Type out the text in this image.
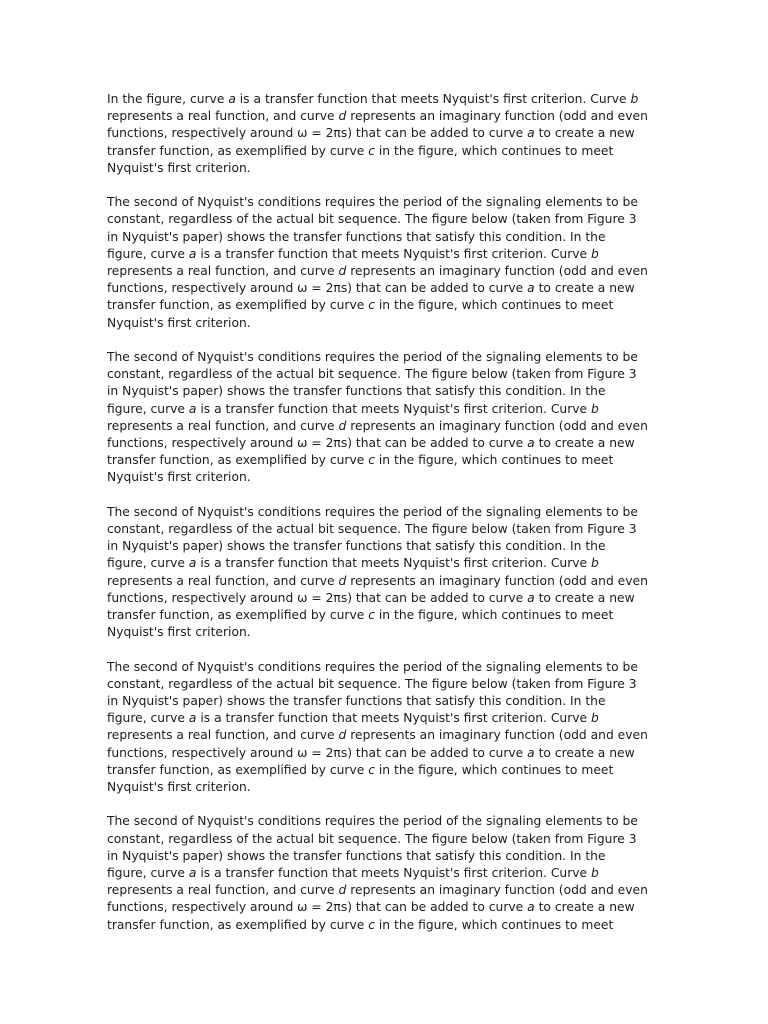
In the figure, curve a is a transfer function that meets Nyquist's first criterion. Curve b
represents a real function, and curve d represents an imaginary function (odd and even
functions, respectively around ω = 2πs) that can be added to curve a to create a new
transfer function, as exemplified by curve c in the figure, which continues to meet
Nyquist's first criterion.
The second of Nyquist's conditions requires the period of the signaling elements to be
constant, regardless of the actual bit sequence. The figure below (taken from Figure 3
in Nyquist's paper) shows the transfer functions that satisfy this condition. In the
figure, curve a is a transfer function that meets Nyquist's first criterion. Curve b
represents a real function, and curve d represents an imaginary function (odd and even
functions, respectively around ω = 2πs) that can be added to curve a to create a new
transfer function, as exemplified by curve c in the figure, which continues to meet
Nyquist's first criterion.
The second of Nyquist's conditions requires the period of the signaling elements to be
constant, regardless of the actual bit sequence. The figure below (taken from Figure 3
in Nyquist's paper) shows the transfer functions that satisfy this condition. In the
figure, curve a is a transfer function that meets Nyquist's first criterion. Curve b
represents a real function, and curve d represents an imaginary function (odd and even
functions, respectively around ω = 2πs) that can be added to curve a to create a new
transfer function, as exemplified by curve c in the figure, which continues to meet
Nyquist's first criterion.
The second of Nyquist's conditions requires the period of the signaling elements to be
constant, regardless of the actual bit sequence. The figure below (taken from Figure 3
in Nyquist's paper) shows the transfer functions that satisfy this condition. In the
figure, curve a is a transfer function that meets Nyquist's first criterion. Curve b
represents a real function, and curve d represents an imaginary function (odd and even
functions, respectively around ω = 2πs) that can be added to curve a to create a new
transfer function, as exemplified by curve c in the figure, which continues to meet
Nyquist's first criterion.
The second of Nyquist's conditions requires the period of the signaling elements to be
constant, regardless of the actual bit sequence. The figure below (taken from Figure 3
in Nyquist's paper) shows the transfer functions that satisfy this condition. In the
figure, curve a is a transfer function that meets Nyquist's first criterion. Curve b
represents a real function, and curve d represents an imaginary function (odd and even
functions, respectively around ω = 2πs) that can be added to curve a to create a new
transfer function, as exemplified by curve c in the figure, which continues to meet
Nyquist's first criterion.
The second of Nyquist's conditions requires the period of the signaling elements to be
constant, regardless of the actual bit sequence. The figure below (taken from Figure 3
in Nyquist's paper) shows the transfer functions that satisfy this condition. In the
figure, curve a is a transfer function that meets Nyquist's first criterion. Curve b
represents a real function, and curve d represents an imaginary function (odd and even
functions, respectively around ω = 2πs) that can be added to curve a to create a new
transfer function, as exemplified by curve c in the figure, which continues to meet
